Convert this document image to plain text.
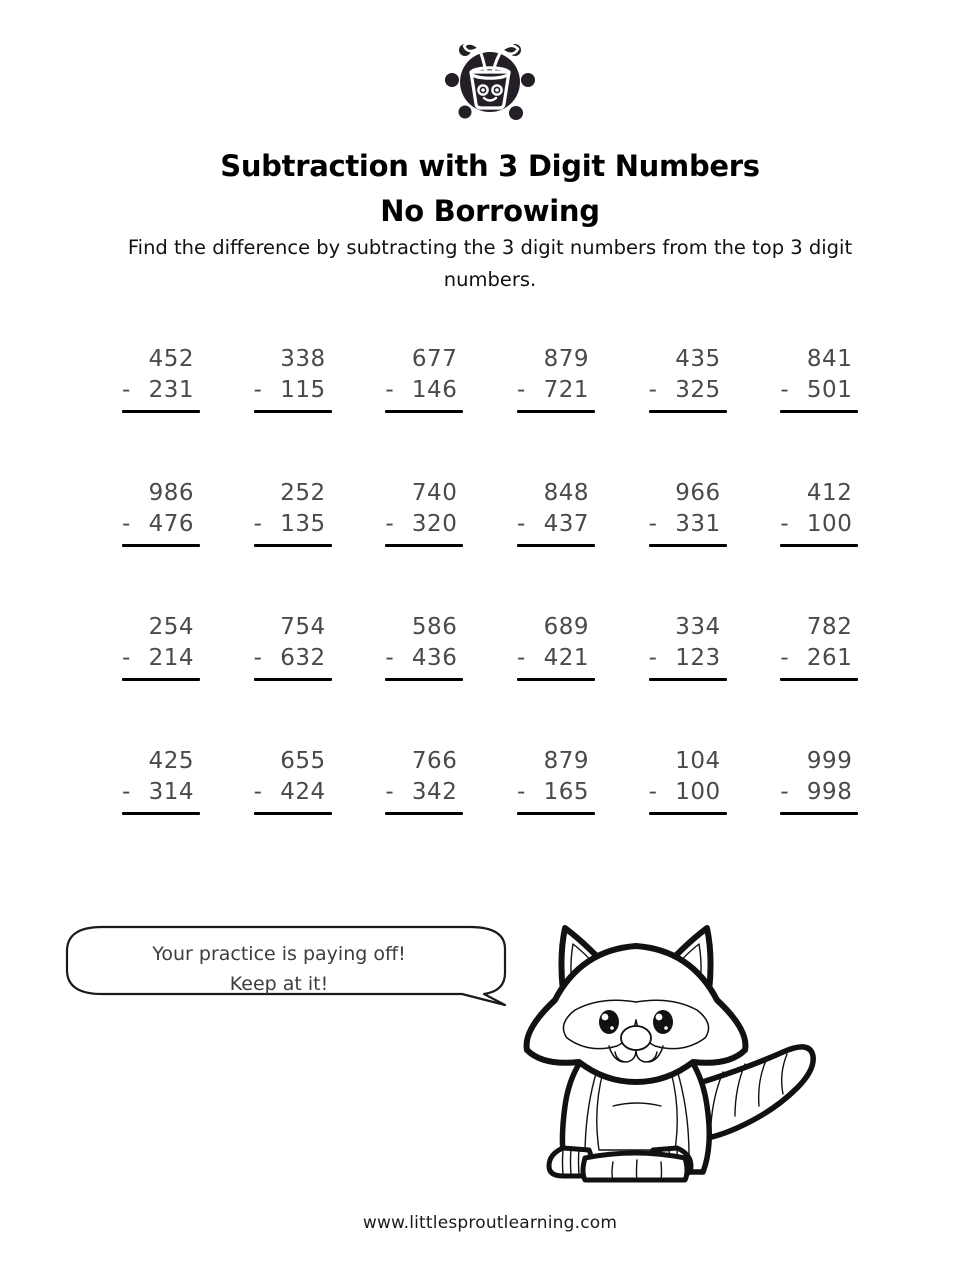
Subtraction with 3 Digit Numbers
No Borrowing
Find the difference by subtracting the 3 digit numbers from the top 3 digit numbers.
452
- 231
338
- 115
677
- 146
879
- 721
435
- 325
841
- 501
986
- 476
252
- 135
740
- 320
848
- 437
966
- 331
412
- 100
254
- 214
754
- 632
586
- 436
689
- 421
334
- 123
782
- 261
425
- 314
655
- 424
766
- 342
879
- 165
104
- 100
999
- 998
Your practice is paying off!
Keep at it!
www.littlesproutlearning.com
